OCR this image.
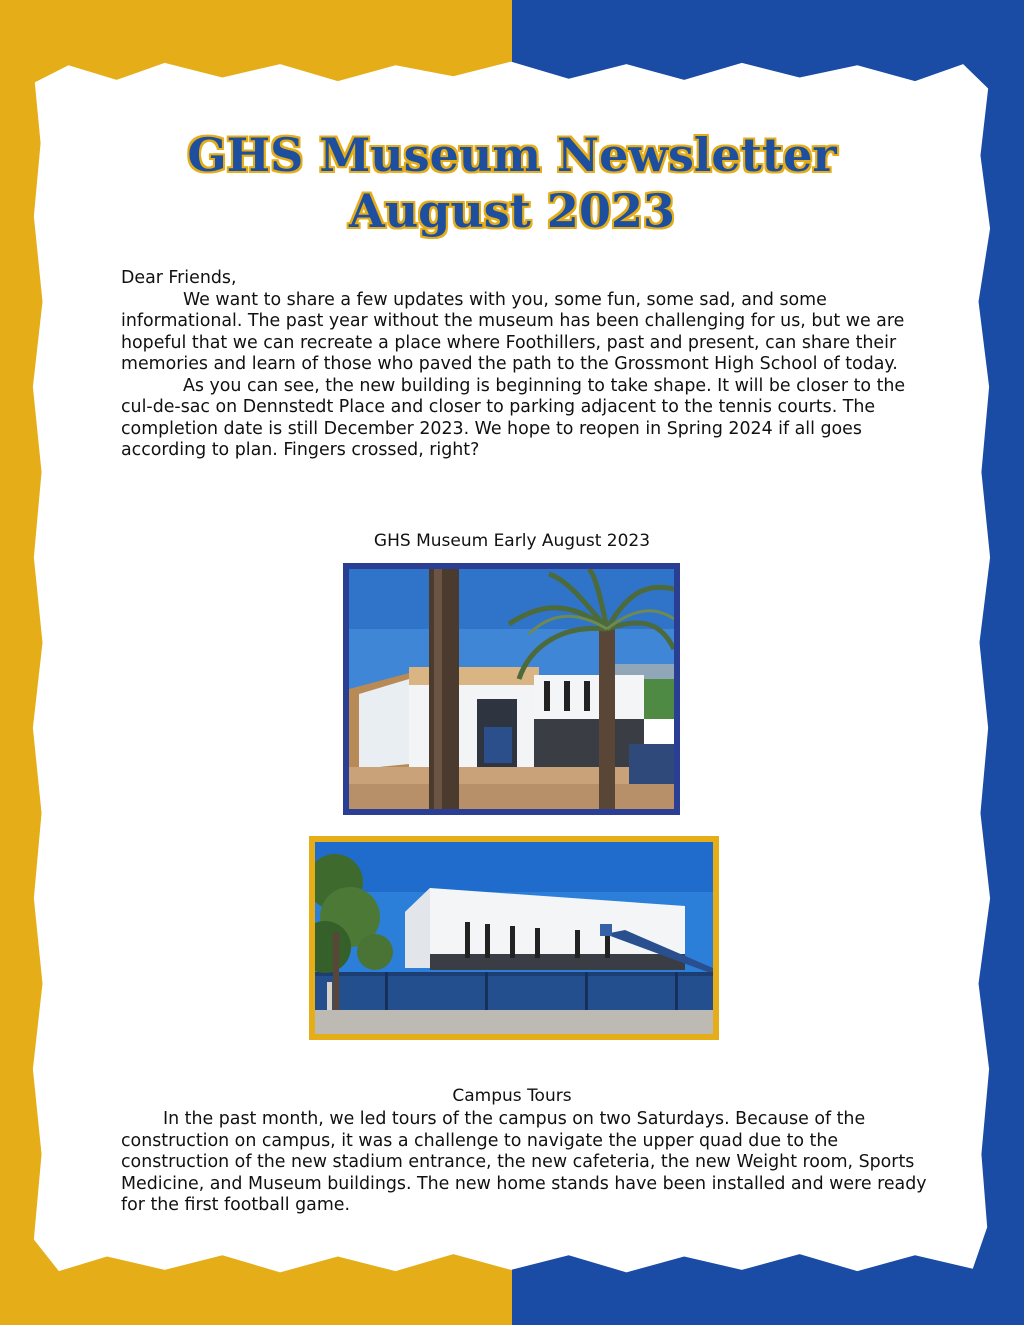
GHS Museum Newsletter
August 2023

Dear Friends,

We want to share a few updates with you, some fun, some sad, and some informational. The past year without the museum has been challenging for us, but we are hopeful that we can recreate a place where Foothillers, past and present, can share their memories and learn of those who paved the path to the Grossmont High School of today.

As you can see, the new building is beginning to take shape. It will be closer to the cul-de-sac on Dennstedt Place and closer to parking adjacent to the tennis courts. The completion date is still December 2023. We hope to reopen in Spring 2024 if all goes according to plan. Fingers crossed, right?

GHS Museum Early August 2023
Campus Tours

In the past month, we led tours of the campus on two Saturdays. Because of the construction on campus, it was a challenge to navigate the upper quad due to the construction of the new stadium entrance, the new cafeteria, the new Weight room, Sports Medicine, and Museum buildings. The new home stands have been installed and were ready for the first football game.
